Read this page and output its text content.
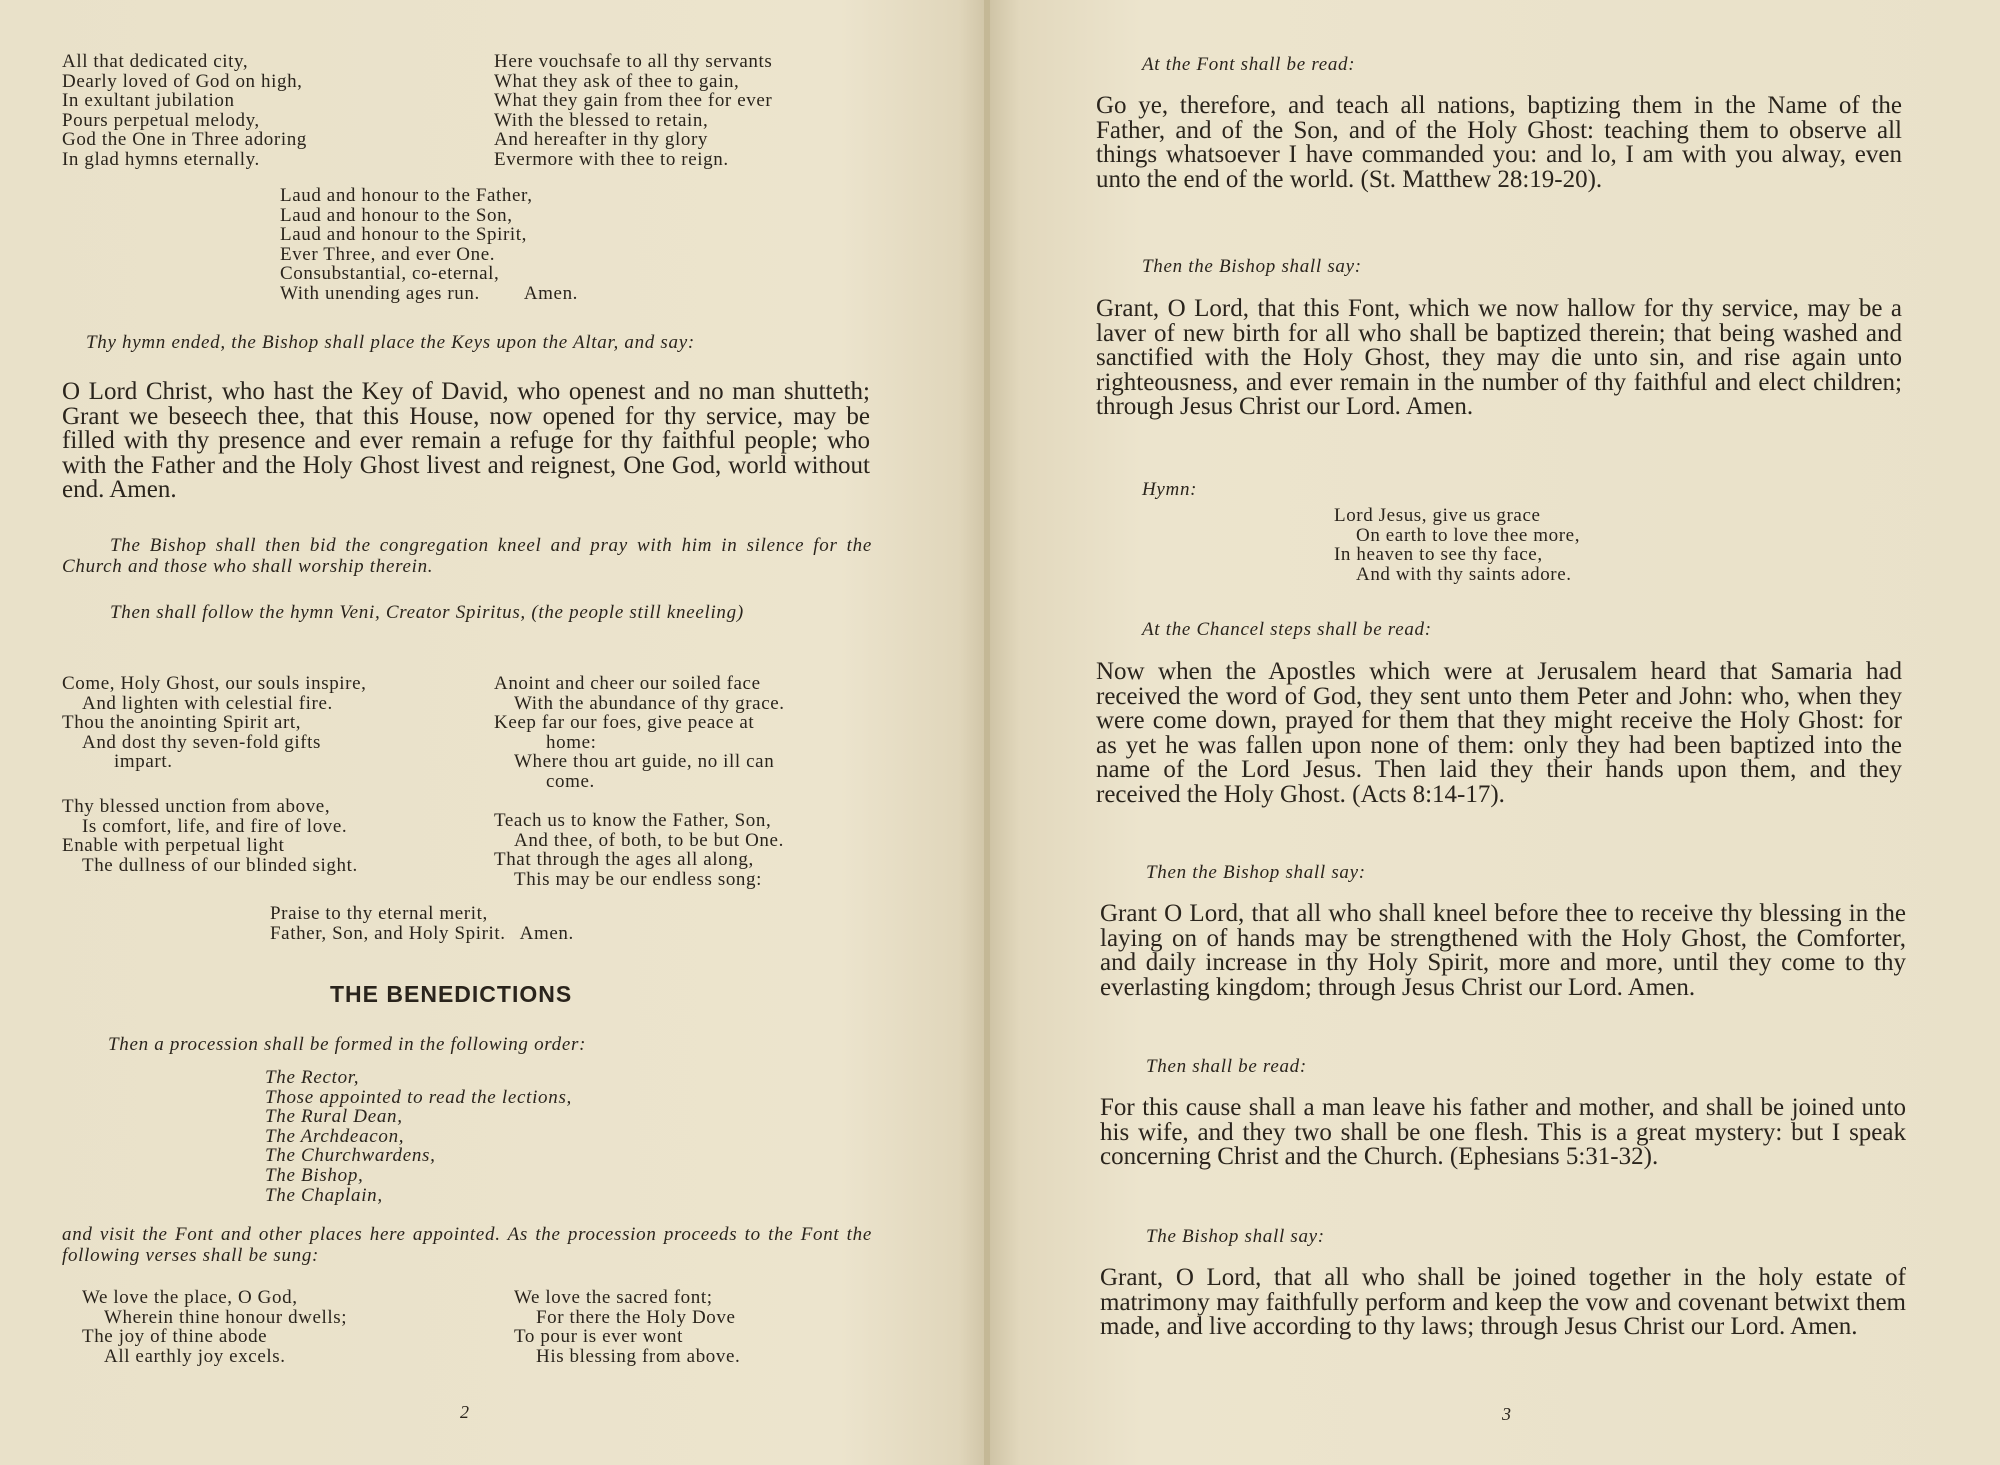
All that dedicated city,
Dearly loved of God on high,
In exultant jubilation
Pours perpetual melody,
God the One in Three adoring
In glad hymns eternally.
Here vouchsafe to all thy servants
What they ask of thee to gain,
What they gain from thee for ever
With the blessed to retain,
And hereafter in thy glory
Evermore with thee to reign.
Laud and honour to the Father,
Laud and honour to the Son,
Laud and honour to the Spirit,
Ever Three, and ever One.
Consubstantial, co-eternal,
With unending ages run. Amen.

Thy hymn ended, the Bishop shall place the Keys upon the Altar, and say:

O Lord Christ, who hast the Key of David, who openest and no man shutteth; Grant we beseech thee, that this House, now opened for thy service, may be filled with thy presence and ever remain a refuge for thy faithful people; who with the Father and the Holy Ghost livest and reignest, One God, world without end. Amen.

The Bishop shall then bid the congregation kneel and pray with him in silence for the Church and those who shall worship therein.

Then shall follow the hymn Veni, Creator Spiritus, (the people still kneeling)

Come, Holy Ghost, our souls inspire,
And lighten with celestial fire.
Thou the anointing Spirit art,
And dost thy seven-fold gifts
impart.
Thy blessed unction from above,
Is comfort, life, and fire of love.
Enable with perpetual light
The dullness of our blinded sight.
Anoint and cheer our soiled face
With the abundance of thy grace.
Keep far our foes, give peace at
home:
Where thou art guide, no ill can
come.
Teach us to know the Father, Son,
And thee, of both, to be but One.
That through the ages all along,
This may be our endless song:
Praise to thy eternal merit,
Father, Son, and Holy Spirit. Amen.
THE BENEDICTIONS

Then a procession shall be formed in the following order:

The Rector,
Those appointed to read the lections,
The Rural Dean,
The Archdeacon,
The Churchwardens,
The Bishop,
The Chaplain,

and visit the Font and other places here appointed. As the procession proceeds to the Font the following verses shall be sung:

We love the place, O God,
Wherein thine honour dwells;
The joy of thine abode
All earthly joy excels.
We love the sacred font;
For there the Holy Dove
To pour is ever wont
His blessing from above.
2

At the Font shall be read:

Go ye, therefore, and teach all nations, baptizing them in the Name of the Father, and of the Son, and of the Holy Ghost: teaching them to observe all things whatsoever I have commanded you: and lo, I am with you alway, even unto the end of the world. (St. Matthew 28:19-20).

Then the Bishop shall say:

Grant, O Lord, that this Font, which we now hallow for thy service, may be a laver of new birth for all who shall be baptized therein; that being washed and sanctified with the Holy Ghost, they may die unto sin, and rise again unto righteousness, and ever remain in the number of thy faithful and elect children; through Jesus Christ our Lord. Amen.

Hymn:

Lord Jesus, give us grace
On earth to love thee more,
In heaven to see thy face,
And with thy saints adore.

At the Chancel steps shall be read:

Now when the Apostles which were at Jerusalem heard that Samaria had received the word of God, they sent unto them Peter and John: who, when they were come down, prayed for them that they might receive the Holy Ghost: for as yet he was fallen upon none of them: only they had been baptized into the name of the Lord Jesus. Then laid they their hands upon them, and they received the Holy Ghost. (Acts 8:14-17).

Then the Bishop shall say:

Grant O Lord, that all who shall kneel before thee to receive thy blessing in the laying on of hands may be strengthened with the Holy Ghost, the Comforter, and daily increase in thy Holy Spirit, more and more, until they come to thy everlasting kingdom; through Jesus Christ our Lord. Amen.

Then shall be read:

For this cause shall a man leave his father and mother, and shall be joined unto his wife, and they two shall be one flesh. This is a great mystery: but I speak concerning Christ and the Church. (Ephesians 5:31-32).

The Bishop shall say:

Grant, O Lord, that all who shall be joined together in the holy estate of matrimony may faithfully perform and keep the vow and covenant betwixt them made, and live according to thy laws; through Jesus Christ our Lord. Amen.

3
